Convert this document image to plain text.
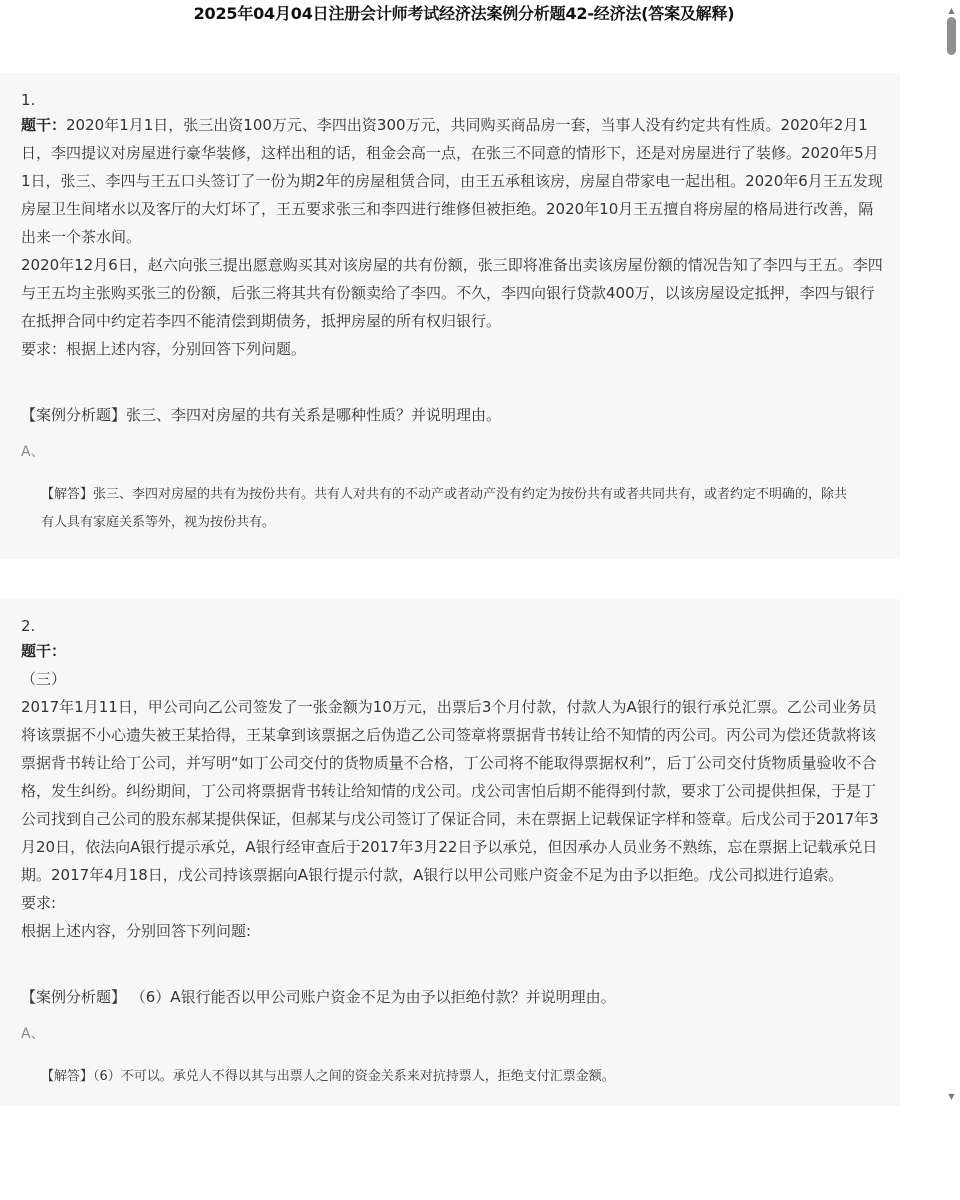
2025年04月04日注册会计师考试经济法案例分析题42-经济法(答案及解释)
1.

题干：2020年1月1日，张三出资100万元、李四出资300万元，共同购买商品房一套，当事人没有约定共有性质。2020年2月1日，李四提议对房屋进行豪华装修，这样出租的话，租金会高一点，在张三不同意的情形下，还是对房屋进行了装修。2020年5月1日，张三、李四与王五口头签订了一份为期2年的房屋租赁合同，由王五承租该房，房屋自带家电一起出租。2020年6月王五发现房屋卫生间堵水以及客厅的大灯坏了，王五要求张三和李四进行维修但被拒绝。2020年10月王五擅自将房屋的格局进行改善，隔出来一个茶水间。

2020年12月6日，赵六向张三提出愿意购买其对该房屋的共有份额，张三即将准备出卖该房屋份额的情况告知了李四与王五。李四与王五均主张购买张三的份额，后张三将其共有份额卖给了李四。不久，李四向银行贷款400万，以该房屋设定抵押，李四与银行在抵押合同中约定若李四不能清偿到期债务，抵押房屋的所有权归银行。

要求：根据上述内容，分别回答下列问题。

【案例分析题】张三、李四对房屋的共有关系是哪种性质？并说明理由。
A、
【解答】张三、李四对房屋的共有为按份共有。共有人对共有的不动产或者动产没有约定为按份共有或者共同共有，或者约定不明确的，除共有人具有家庭关系等外，视为按份共有。
2.

题干：

（三）

2017年1月11日，甲公司向乙公司签发了一张金额为10万元，出票后3个月付款，付款人为A银行的银行承兑汇票。乙公司业务员将该票据不小心遗失被王某拾得，王某拿到该票据之后伪造乙公司签章将票据背书转让给不知情的丙公司。丙公司为偿还货款将该票据背书转让给丁公司，并写明“如丁公司交付的货物质量不合格，丁公司将不能取得票据权利”，后丁公司交付货物质量验收不合格，发生纠纷。纠纷期间，丁公司将票据背书转让给知情的戊公司。戊公司害怕后期不能得到付款，要求丁公司提供担保，于是丁公司找到自己公司的股东郝某提供保证，但郝某与戊公司签订了保证合同，未在票据上记载保证字样和签章。后戊公司于2017年3月20日，依法向A银行提示承兑，A银行经审查后于2017年3月22日予以承兑，但因承办人员业务不熟练，忘在票据上记载承兑日期。2017年4月18日，戊公司持该票据向A银行提示付款，A银行以甲公司账户资金不足为由予以拒绝。戊公司拟进行追索。

要求:

根据上述内容，分别回答下列问题:

【案例分析题】 （6）A银行能否以甲公司账户资金不足为由予以拒绝付款？并说明理由。
A、
【解答】（6）不可以。承兑人不得以其与出票人之间的资金关系来对抗持票人，拒绝支付汇票金额。
▲
▼
